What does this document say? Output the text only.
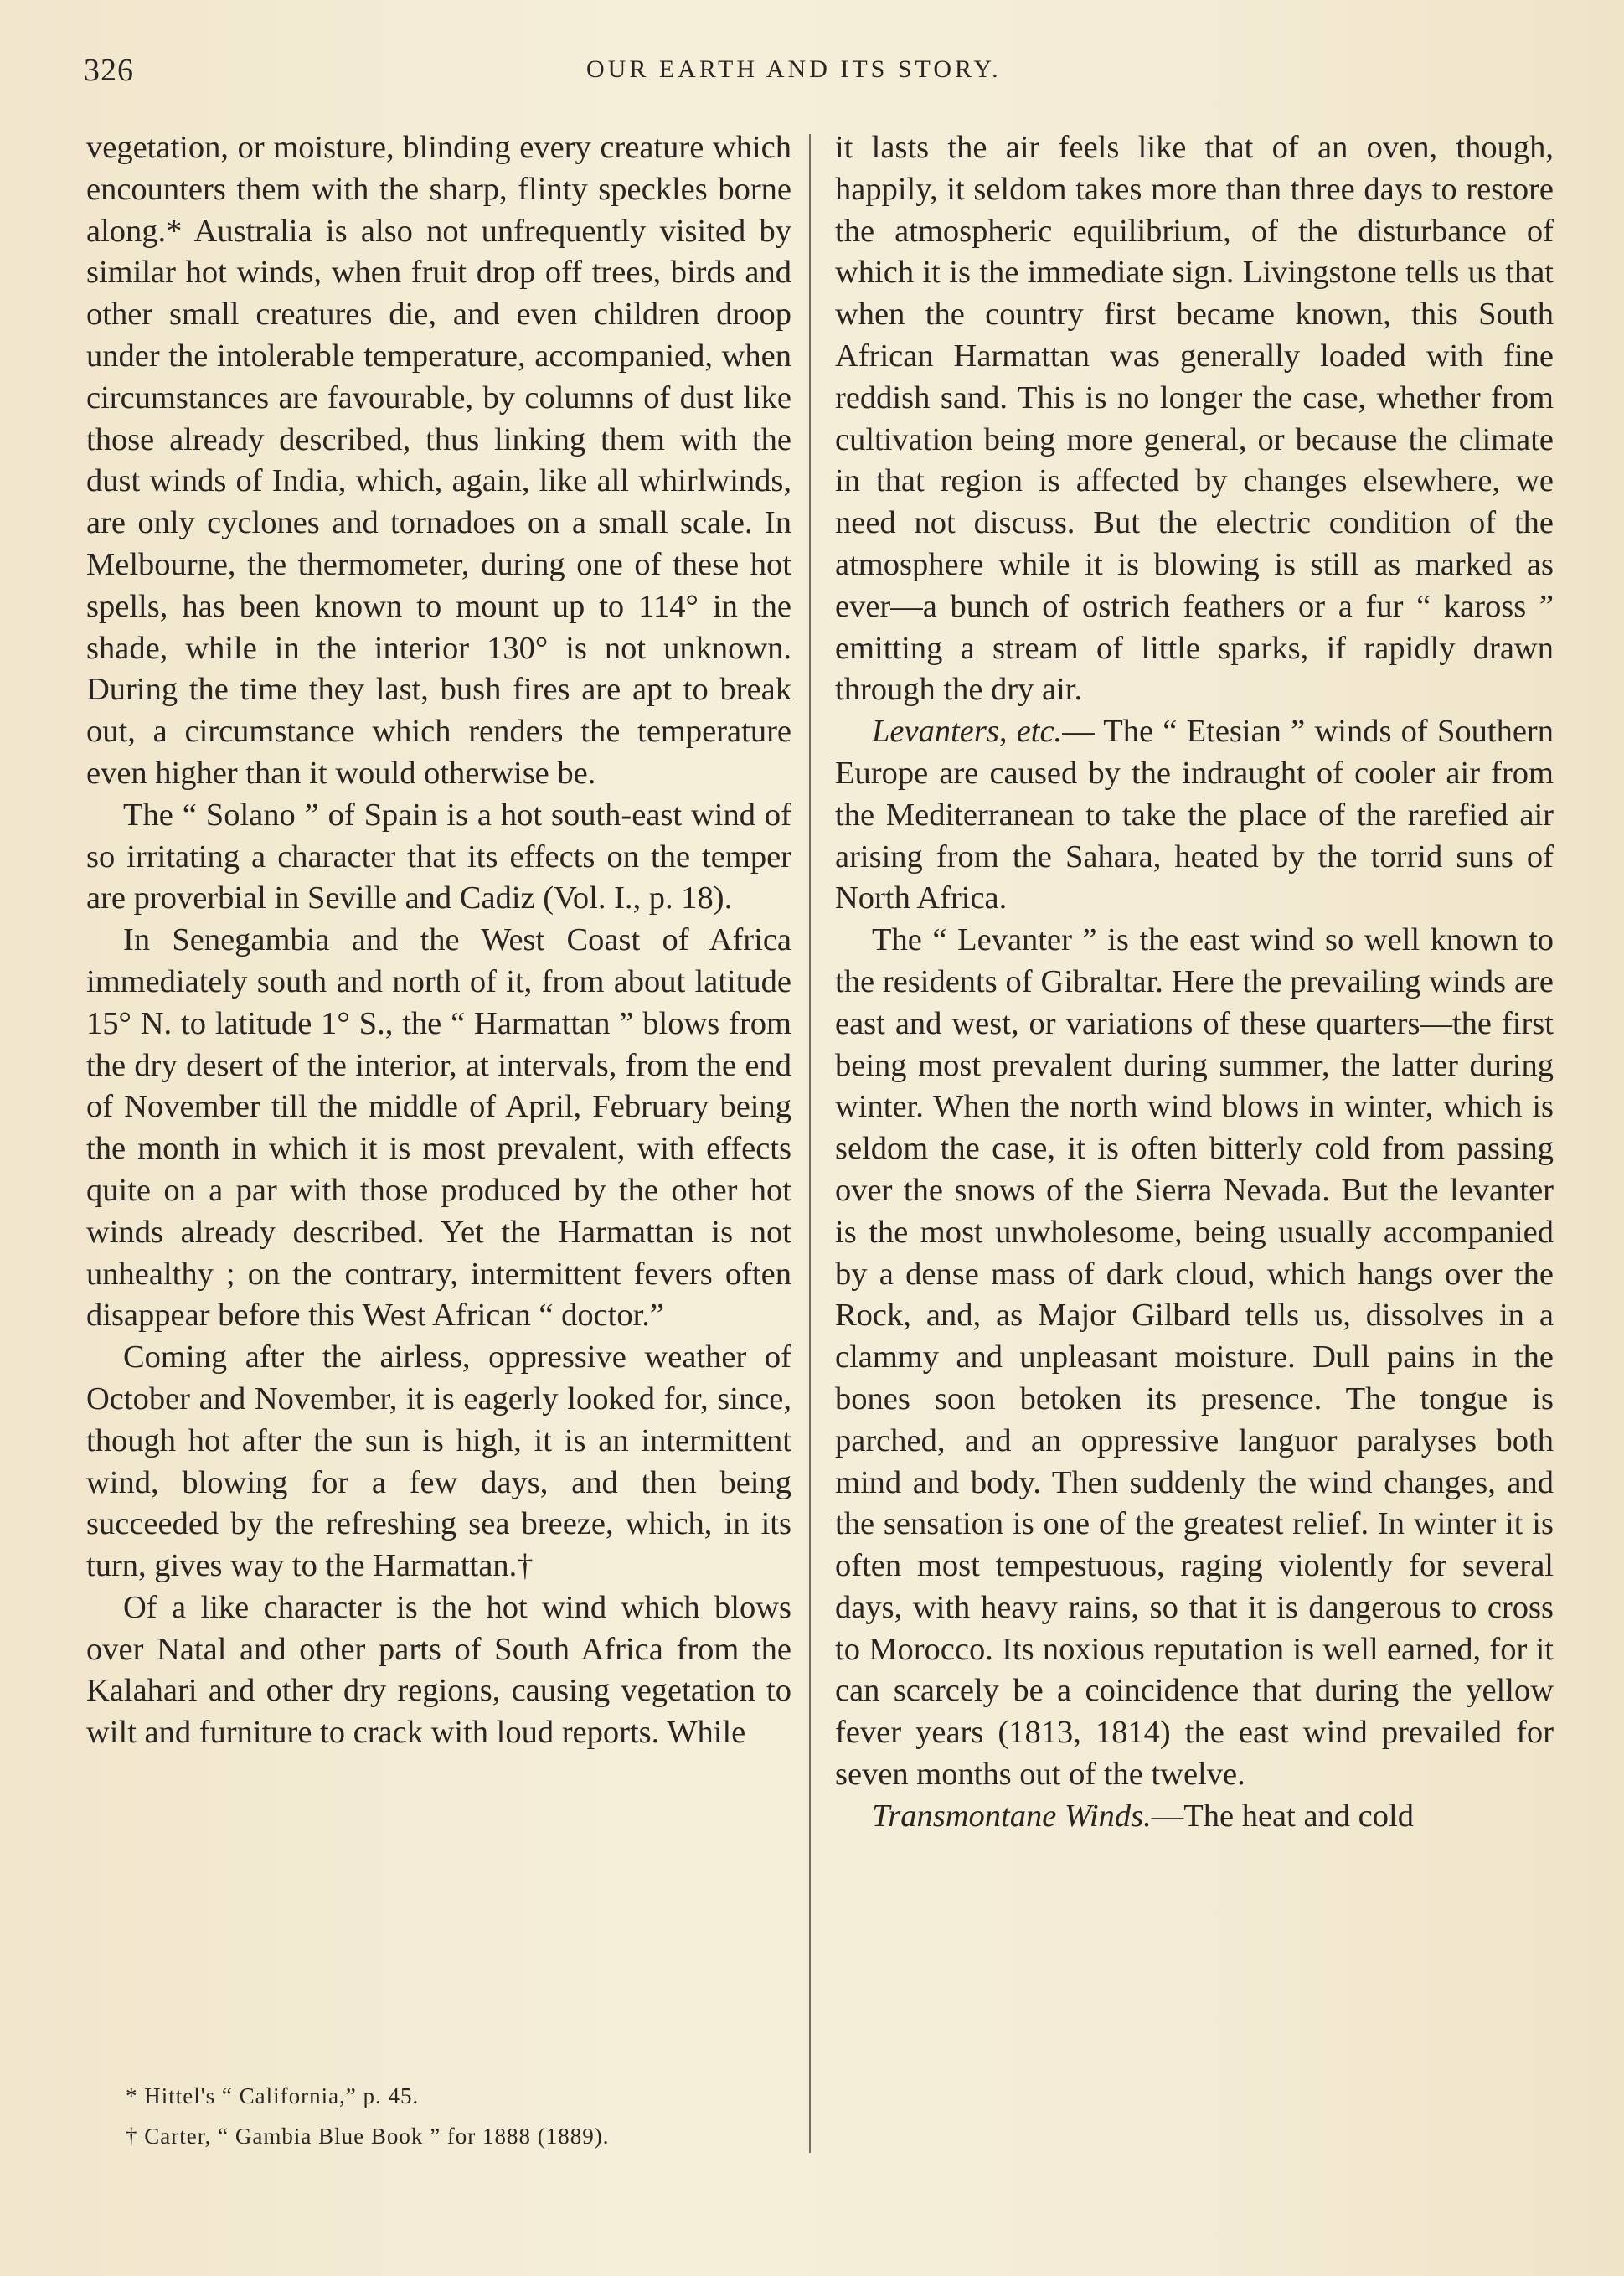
326	OUR EARTH AND ITS STORY.

vegetation, or moisture, blinding every creature which encounters them with the sharp, flinty speckles borne along.* Australia is also not unfrequently visited by similar hot winds, when fruit drop off trees, birds and other small creatures die, and even children droop under the intolerable temperature, accompanied, when circumstances are favourable, by columns of dust like those already described, thus linking them with the dust winds of India, which, again, like all whirlwinds, are only cyclones and tornadoes on a small scale. In Melbourne, the thermometer, during one of these hot spells, has been known to mount up to 114° in the shade, while in the interior 130° is not unknown. During the time they last, bush fires are apt to break out, a circumstance which renders the temperature even higher than it would otherwise be.

The “ Solano ” of Spain is a hot south-east wind of so irritating a character that its effects on the temper are proverbial in Seville and Cadiz (Vol. I., p. 18).

In Senegambia and the West Coast of Africa immediately south and north of it, from about latitude 15° N. to latitude 1° S., the “ Harmattan ” blows from the dry desert of the interior, at intervals, from the end of November till the middle of April, February being the month in which it is most prevalent, with effects quite on a par with those produced by the other hot winds already described. Yet the Harmattan is not unhealthy ; on the contrary, intermittent fevers often disappear before this West African “ doctor.”

Coming after the airless, oppressive weather of October and November, it is eagerly looked for, since, though hot after the sun is high, it is an intermittent wind, blowing for a few days, and then being succeeded by the refreshing sea breeze, which, in its turn, gives way to the Harmattan.†

Of a like character is the hot wind which blows over Natal and other parts of South Africa from the Kalahari and other dry regions, causing vegetation to wilt and furniture to crack with loud reports. While

* Hittel's “ California,” p. 45.
† Carter, “ Gambia Blue Book ” for 1888 (1889).

it lasts the air feels like that of an oven, though, happily, it seldom takes more than three days to restore the atmospheric equilibrium, of the disturbance of which it is the immediate sign. Livingstone tells us that when the country first became known, this South African Harmattan was generally loaded with fine reddish sand. This is no longer the case, whether from cultivation being more general, or because the climate in that region is affected by changes elsewhere, we need not discuss. But the electric condition of the atmosphere while it is blowing is still as marked as ever—a bunch of ostrich feathers or a fur “ kaross ” emitting a stream of little sparks, if rapidly drawn through the dry air.

Levanters, etc.— The “ Etesian ” winds of Southern Europe are caused by the indraught of cooler air from the Mediterranean to take the place of the rarefied air arising from the Sahara, heated by the torrid suns of North Africa.

The “ Levanter ” is the east wind so well known to the residents of Gibraltar. Here the prevailing winds are east and west, or variations of these quarters—the first being most prevalent during summer, the latter during winter. When the north wind blows in winter, which is seldom the case, it is often bitterly cold from passing over the snows of the Sierra Nevada. But the levanter is the most unwholesome, being usually accompanied by a dense mass of dark cloud, which hangs over the Rock, and, as Major Gilbard tells us, dissolves in a clammy and unpleasant moisture. Dull pains in the bones soon betoken its presence. The tongue is parched, and an oppressive languor paralyses both mind and body. Then suddenly the wind changes, and the sensation is one of the greatest relief. In winter it is often most tempestuous, raging violently for several days, with heavy rains, so that it is dangerous to cross to Morocco. Its noxious reputation is well earned, for it can scarcely be a coincidence that during the yellow fever years (1813, 1814) the east wind prevailed for seven months out of the twelve.

Transmontane Winds.—The heat and cold
